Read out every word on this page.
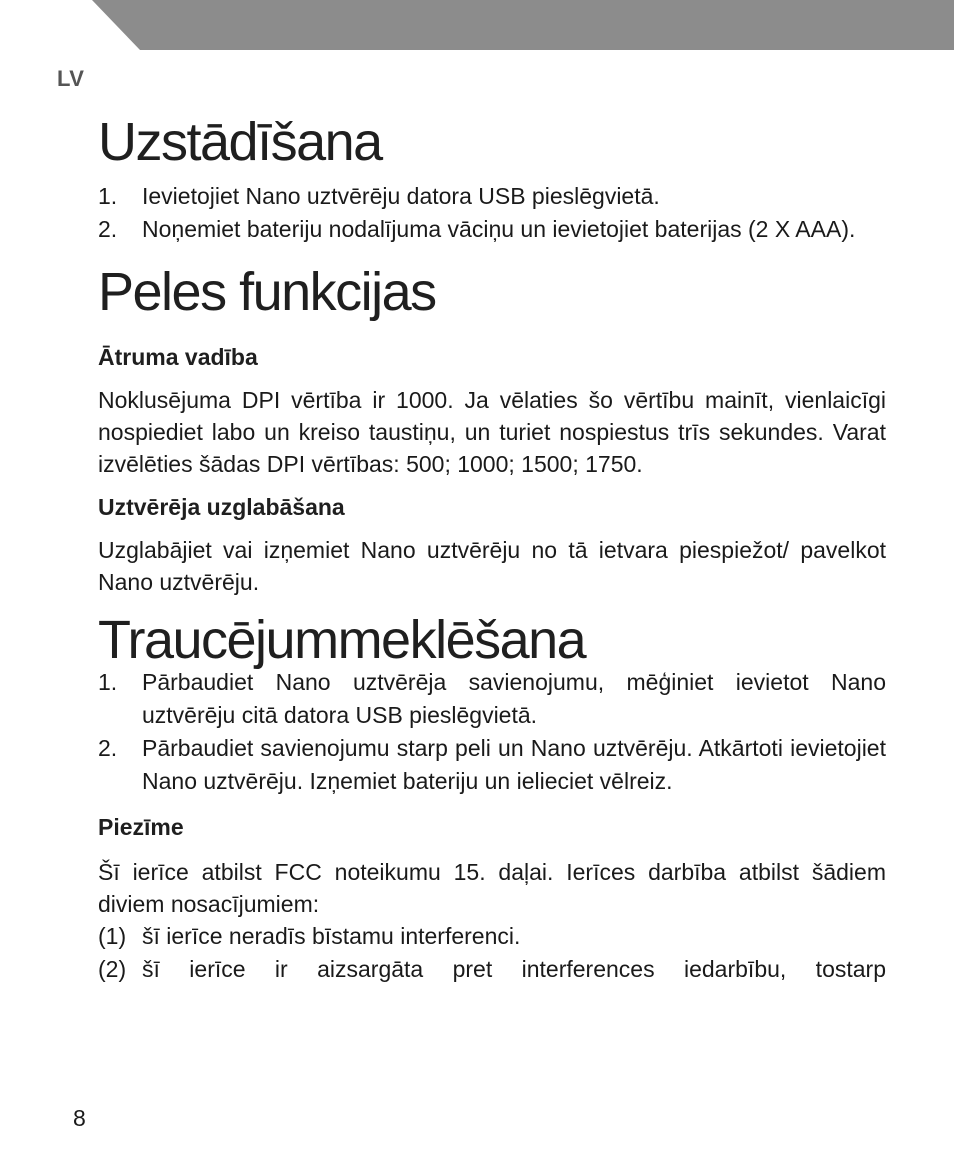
LV
Uzstādīšana
1.	Ievietojiet Nano uztvērēju datora USB pieslēgvietā.
2.	Noņemiet bateriju nodalījuma vāciņu un ievietojiet baterijas (2 X AAA).
Peles funkcijas
Ātruma vadība

Noklusējuma DPI vērtība ir 1000. Ja vēlaties šo vērtību mainīt, vienlaicīgi nospiediet labo un kreiso taustiņu, un turiet nospiestus trīs sekundes. Varat izvēlēties šādas DPI vērtības: 500; 1000; 1500; 1750.

Uztvērēja uzglabāšana

Uzglabājiet vai izņemiet Nano uztvērēju no tā ietvara piespiežot/ pavelkot Nano uztvērēju.

Traucējummeklēšana
1.	Pārbaudiet Nano uztvērēja savienojumu, mēģiniet ievietot Nano uztvērēju citā datora USB pieslēgvietā.
2.	Pārbaudiet savienojumu starp peli un Nano uztvērēju. Atkārtoti ievietojiet Nano uztvērēju. Izņemiet bateriju un ielieciet vēlreiz.
Piezīme

Šī ierīce atbilst FCC noteikumu 15. daļai. Ierīces darbība atbilst šādiem diviem nosacījumiem:

(1) šī ierīce neradīs bīstamu interferenci.
(2) šī ierīce ir aizsargāta pret interferences iedarbību, tostarp
8
